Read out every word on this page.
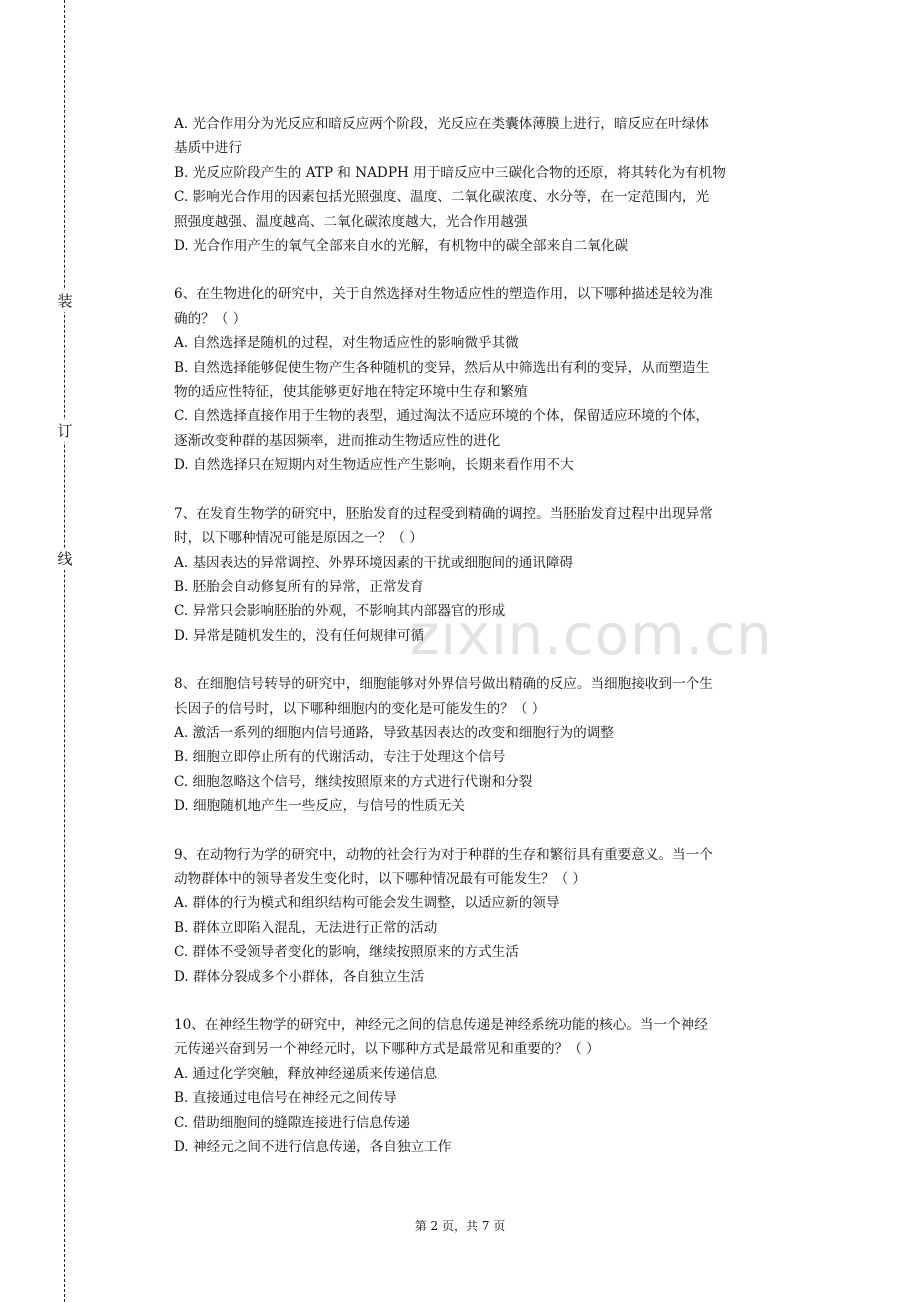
装
订
线
zixin.com.cn
A. 光合作用分为光反应和暗反应两个阶段，光反应在类囊体薄膜上进行，暗反应在叶绿体
基质中进行
B. 光反应阶段产生的 ATP 和 NADPH 用于暗反应中三碳化合物的还原，将其转化为有机物
C. 影响光合作用的因素包括光照强度、温度、二氧化碳浓度、水分等，在一定范围内，光
照强度越强、温度越高、二氧化碳浓度越大，光合作用越强
D. 光合作用产生的氧气全部来自水的光解，有机物中的碳全部来自二氧化碳
6、在生物进化的研究中，关于自然选择对生物适应性的塑造作用，以下哪种描述是较为准
确的？（ ）
A. 自然选择是随机的过程，对生物适应性的影响微乎其微
B. 自然选择能够促使生物产生各种随机的变异，然后从中筛选出有利的变异，从而塑造生
物的适应性特征，使其能够更好地在特定环境中生存和繁殖
C. 自然选择直接作用于生物的表型，通过淘汰不适应环境的个体，保留适应环境的个体，
逐渐改变种群的基因频率，进而推动生物适应性的进化
D. 自然选择只在短期内对生物适应性产生影响，长期来看作用不大
7、在发育生物学的研究中，胚胎发育的过程受到精确的调控。当胚胎发育过程中出现异常
时，以下哪种情况可能是原因之一？（ ）
A. 基因表达的异常调控、外界环境因素的干扰或细胞间的通讯障碍
B. 胚胎会自动修复所有的异常，正常发育
C. 异常只会影响胚胎的外观，不影响其内部器官的形成
D. 异常是随机发生的，没有任何规律可循
8、在细胞信号转导的研究中，细胞能够对外界信号做出精确的反应。当细胞接收到一个生
长因子的信号时，以下哪种细胞内的变化是可能发生的？（ ）
A. 激活一系列的细胞内信号通路，导致基因表达的改变和细胞行为的调整
B. 细胞立即停止所有的代谢活动，专注于处理这个信号
C. 细胞忽略这个信号，继续按照原来的方式进行代谢和分裂
D. 细胞随机地产生一些反应，与信号的性质无关
9、在动物行为学的研究中，动物的社会行为对于种群的生存和繁衍具有重要意义。当一个
动物群体中的领导者发生变化时，以下哪种情况最有可能发生？（ ）
A. 群体的行为模式和组织结构可能会发生调整，以适应新的领导
B. 群体立即陷入混乱，无法进行正常的活动
C. 群体不受领导者变化的影响，继续按照原来的方式生活
D. 群体分裂成多个小群体，各自独立生活
10、在神经生物学的研究中，神经元之间的信息传递是神经系统功能的核心。当一个神经
元传递兴奋到另一个神经元时，以下哪种方式是最常见和重要的？（ ）
A. 通过化学突触，释放神经递质来传递信息
B. 直接通过电信号在神经元之间传导
C. 借助细胞间的缝隙连接进行信息传递
D. 神经元之间不进行信息传递，各自独立工作
第 2 页，共 7 页
